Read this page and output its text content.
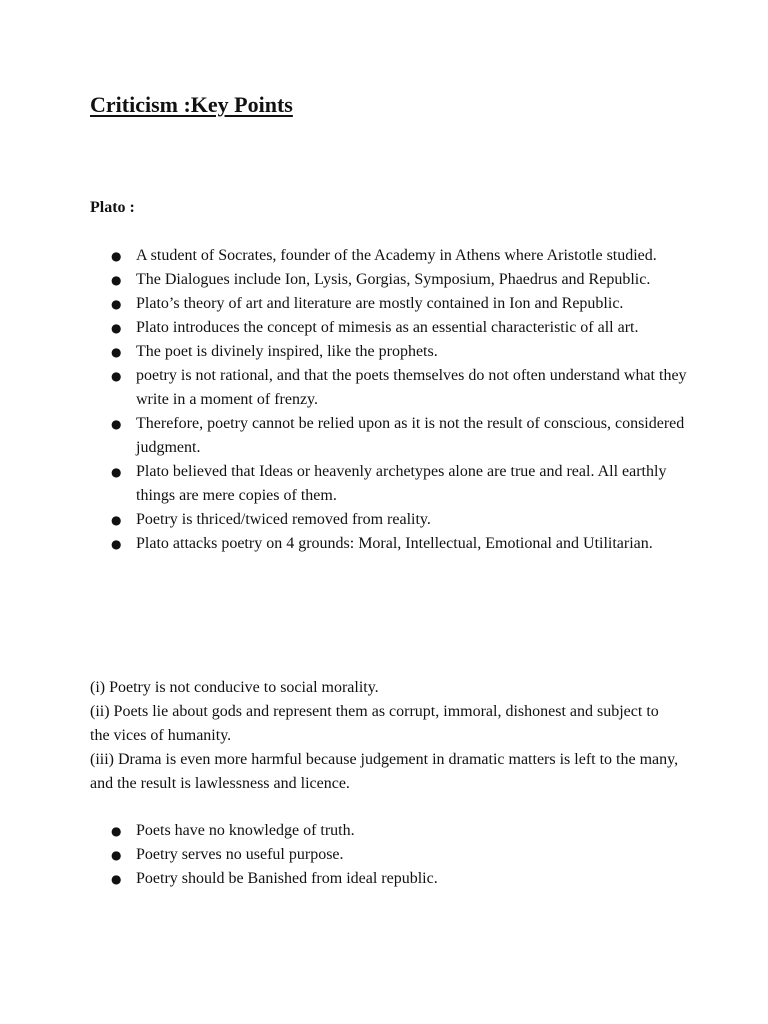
Criticism :Key Points
Plato :
● A student of Socrates, founder of the Academy in Athens where Aristotle studied.
● The Dialogues include Ion, Lysis, Gorgias, Symposium, Phaedrus and Republic.
● Plato’s theory of art and literature are mostly contained in Ion and Republic.
● Plato introduces the concept of mimesis as an essential characteristic of all art.
● The poet is divinely inspired, like the prophets.
● poetry is not rational, and that the poets themselves do not often understand what they write in a moment of frenzy.
● Therefore, poetry cannot be relied upon as it is not the result of conscious, considered judgment.
● Plato believed that Ideas or heavenly archetypes alone are true and real. All earthly things are mere copies of them.
● Poetry is thriced/twiced removed from reality.
● Plato attacks poetry on 4 grounds: Moral, Intellectual, Emotional and Utilitarian.

(i) Poetry is not conducive to social morality.

(ii) Poets lie about gods and represent them as corrupt, immoral, dishonest and subject to the vices of humanity.

(iii) Drama is even more harmful because judgement in dramatic matters is left to the many, and the result is lawlessness and licence.

● Poets have no knowledge of truth.
● Poetry serves no useful purpose.
● Poetry should be Banished from ideal republic.
